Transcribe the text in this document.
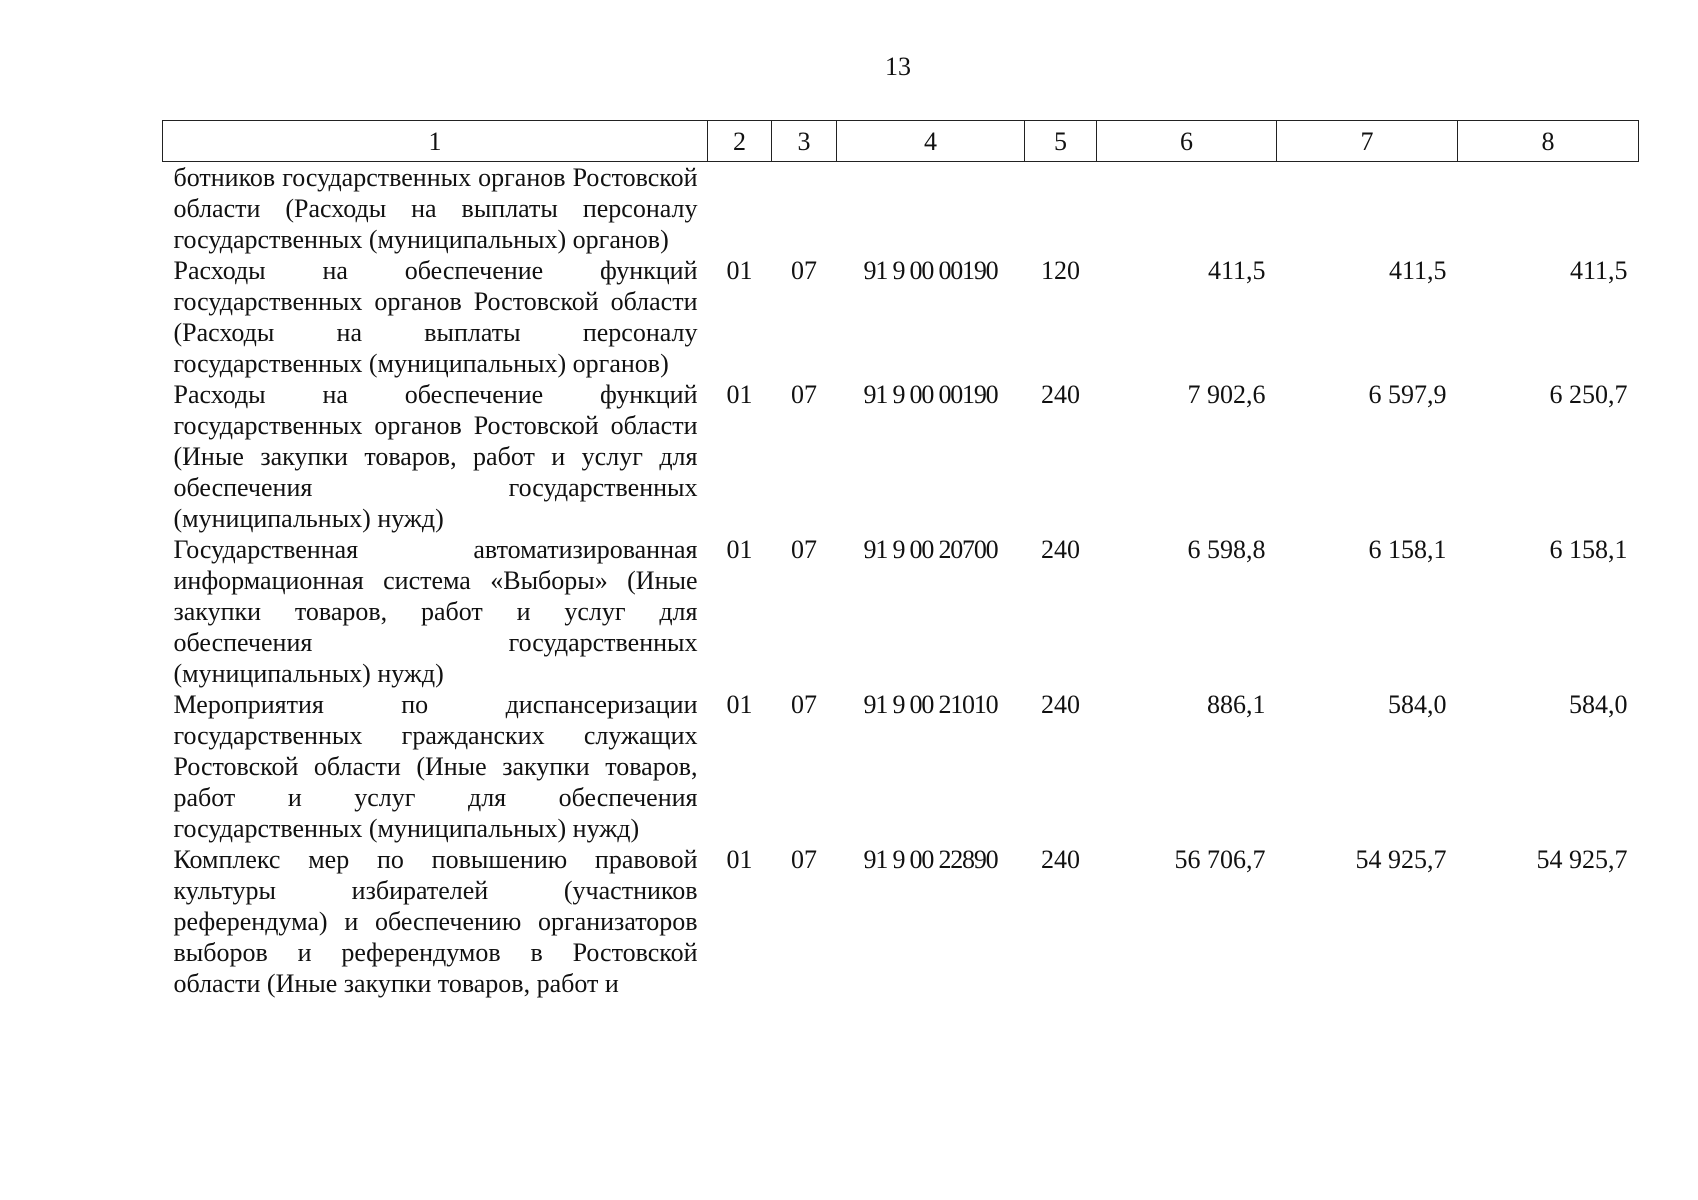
13
1	2	3	4	5	6	7	8
ботников государственных органов Ростовской области (Расходы на выплаты персоналу государственных (муниципальных) органов)							
Расходы на обеспечение функций государственных органов Ростовской области (Расходы на выплаты персоналу государственных (муниципальных) органов)	01	07	91 9 00 00190	120	411,5	411,5	411,5
Расходы на обеспечение функций государственных органов Ростовской области (Иные закупки товаров, работ и услуг для обеспечения государственных (муниципальных) нужд)	01	07	91 9 00 00190	240	7 902,6	6 597,9	6 250,7
Государственная автоматизированная информационная система «Выборы» (Иные закупки товаров, работ и услуг для обеспечения государственных (муниципальных) нужд)	01	07	91 9 00 20700	240	6 598,8	6 158,1	6 158,1
Мероприятия по диспансеризации государственных гражданских служащих Ростовской области (Иные закупки товаров, работ и услуг для обеспечения государственных (муниципальных) нужд)	01	07	91 9 00 21010	240	886,1	584,0	584,0
Комплекс мер по повышению правовой культуры избирателей (участников референдума) и обеспечению организаторов выборов и референдумов в Ростовской области (Иные закупки товаров, работ и	01	07	91 9 00 22890	240	56 706,7	54 925,7	54 925,7
